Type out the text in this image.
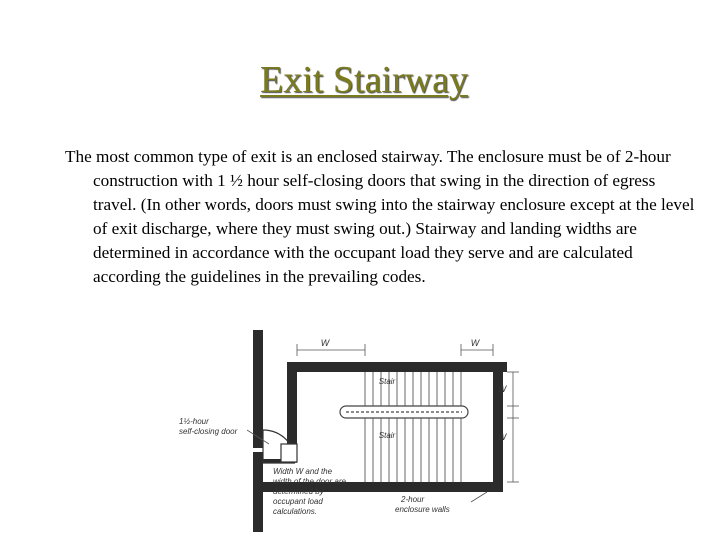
Exit Stairway

The most common type of exit is an enclosed stairway. The enclosure must be of 2-hour construction with 1 ½ hour self-closing doors that swing in the direction of egress travel. (In other words, doors must swing into the stairway enclosure except at the level of exit discharge, where they must swing out.) Stairway and landing widths are determined in accordance with the occupant load they serve and are calculated according the guidelines in the prevailing codes.

W	W
W
W
Stair
Stair
1½-hour self-closing door
2-hour enclosure walls
Width W and the width of the door are determined by occupant load calculations.
